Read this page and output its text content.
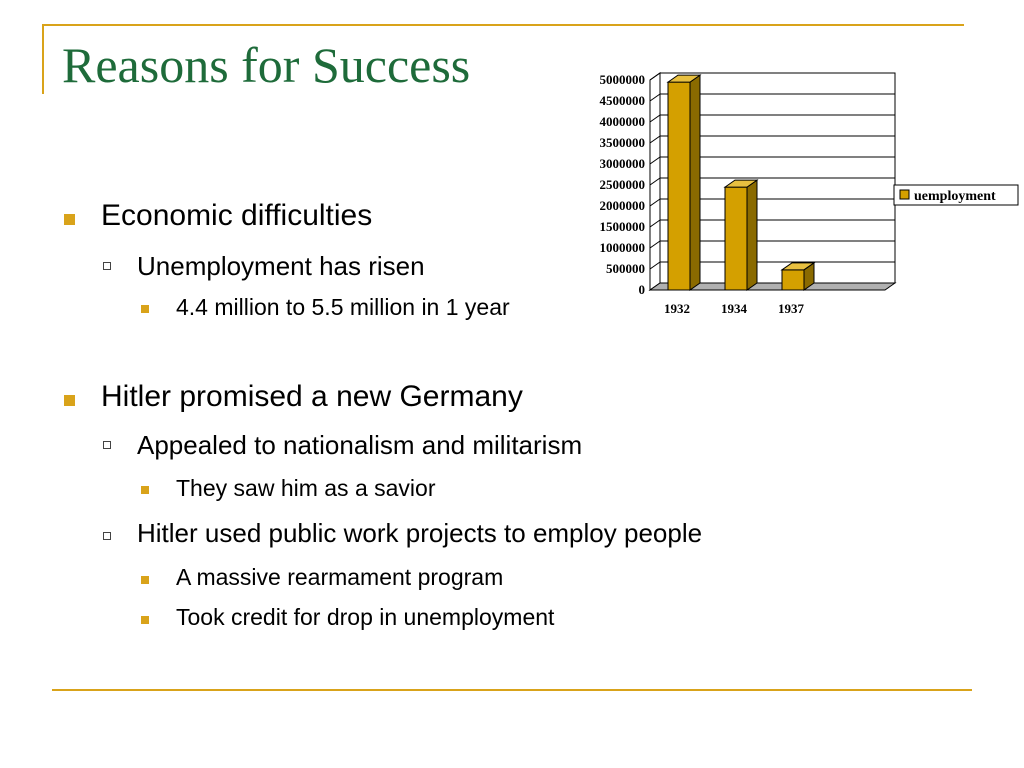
Reasons for Success
Economic difficulties
Unemployment has risen
4.4 million to 5.5 million in 1 year
Hitler promised a new Germany
Appealed to nationalism and militarism
They saw him as a savior
Hitler used public work projects to employ people
A massive rearmament program
Took credit for drop in unemployment
0
500000
1000000
1500000
2000000
2500000
3000000
3500000
4000000
4500000
5000000
1932 1934 1937
uemployment
